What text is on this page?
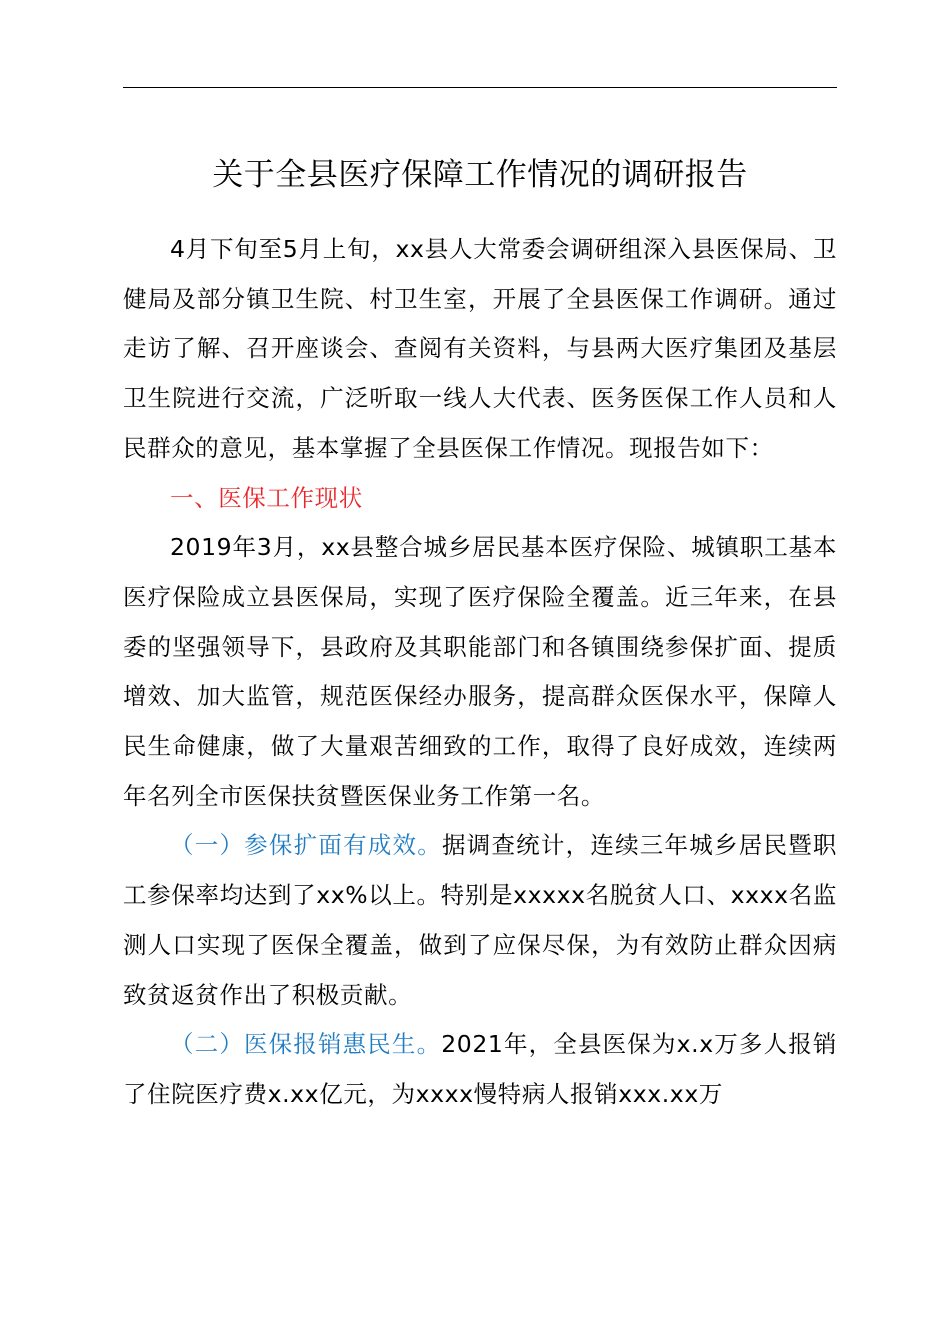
关于全县医疗保障工作情况的调研报告

4月下旬至5月上旬，xx县人大常委会调研组深入县医保局、卫健局及部分镇卫生院、村卫生室，开展了全县医保工作调研。通过走访了解、召开座谈会、查阅有关资料，与县两大医疗集团及基层卫生院进行交流，广泛听取一线人大代表、医务医保工作人员和人民群众的意见，基本掌握了全县医保工作情况。现报告如下：

一、医保工作现状

2019年3月，xx县整合城乡居民基本医疗保险、城镇职工基本医疗保险成立县医保局，实现了医疗保险全覆盖。近三年来，在县委的坚强领导下，县政府及其职能部门和各镇围绕参保扩面、提质增效、加大监管，规范医保经办服务，提高群众医保水平，保障人民生命健康，做了大量艰苦细致的工作，取得了良好成效，连续两年名列全市医保扶贫暨医保业务工作第一名。

（一）参保扩面有成效。据调查统计，连续三年城乡居民暨职工参保率均达到了xx%以上。特别是xxxxx名脱贫人口、xxxx名监测人口实现了医保全覆盖，做到了应保尽保，为有效防止群众因病致贫返贫作出了积极贡献。

（二）医保报销惠民生。2021年，全县医保为x.x万多人报销了住院医疗费x.xx亿元，为xxxx慢特病人报销xxx.xx万
